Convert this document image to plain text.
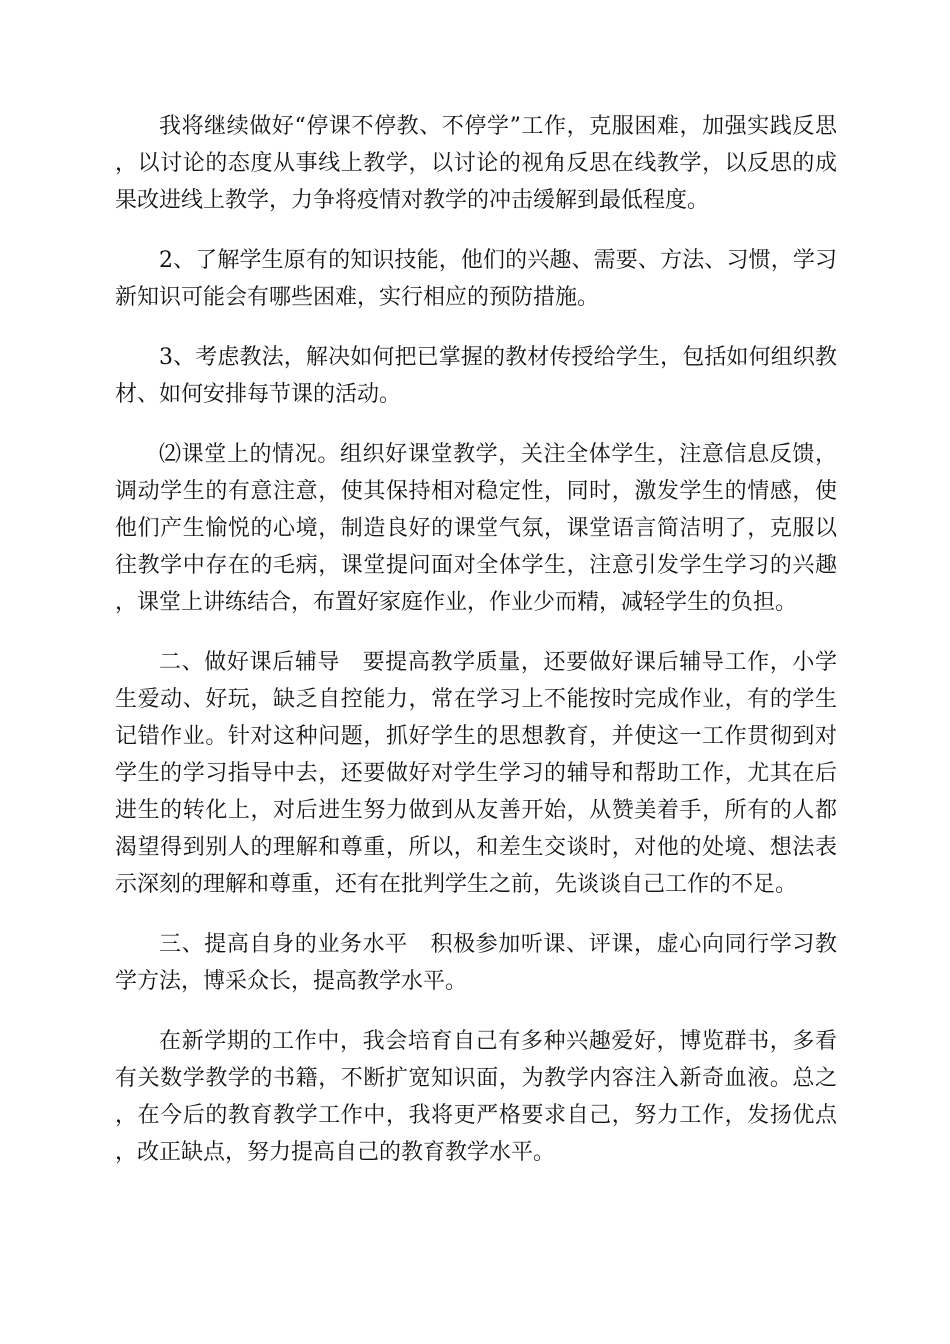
我将继续做好“停课不停教、不停学”工作，克服困难，加强实践反思，以讨论的态度从事线上教学，以讨论的视角反思在线教学，以反思的成果改进线上教学，力争将疫情对教学的冲击缓解到最低程度。

2、了解学生原有的知识技能，他们的兴趣、需要、方法、习惯，学习新知识可能会有哪些困难，实行相应的预防措施。

3、考虑教法，解决如何把已掌握的教材传授给学生，包括如何组织教材、如何安排每节课的活动。

⑵课堂上的情况。组织好课堂教学，关注全体学生，注意信息反馈，调动学生的有意注意，使其保持相对稳定性，同时，激发学生的情感，使他们产生愉悦的心境，制造良好的课堂气氛，课堂语言简洁明了，克服以往教学中存在的毛病，课堂提问面对全体学生，注意引发学生学习的兴趣，课堂上讲练结合，布置好家庭作业，作业少而精，减轻学生的负担。

二、做好课后辅导　要提高教学质量，还要做好课后辅导工作，小学生爱动、好玩，缺乏自控能力，常在学习上不能按时完成作业，有的学生记错作业。针对这种问题，抓好学生的思想教育，并使这一工作贯彻到对学生的学习指导中去，还要做好对学生学习的辅导和帮助工作，尤其在后进生的转化上，对后进生努力做到从友善开始，从赞美着手，所有的人都渴望得到别人的理解和尊重，所以，和差生交谈时，对他的处境、想法表示深刻的理解和尊重，还有在批判学生之前，先谈谈自己工作的不足。

三、提高自身的业务水平　积极参加听课、评课，虚心向同行学习教学方法，博采众长，提高教学水平。

在新学期的工作中，我会培育自己有多种兴趣爱好，博览群书，多看有关数学教学的书籍，不断扩宽知识面，为教学内容注入新奇血液。总之，在今后的教育教学工作中，我将更严格要求自己，努力工作，发扬优点，改正缺点，努力提高自己的教育教学水平。
